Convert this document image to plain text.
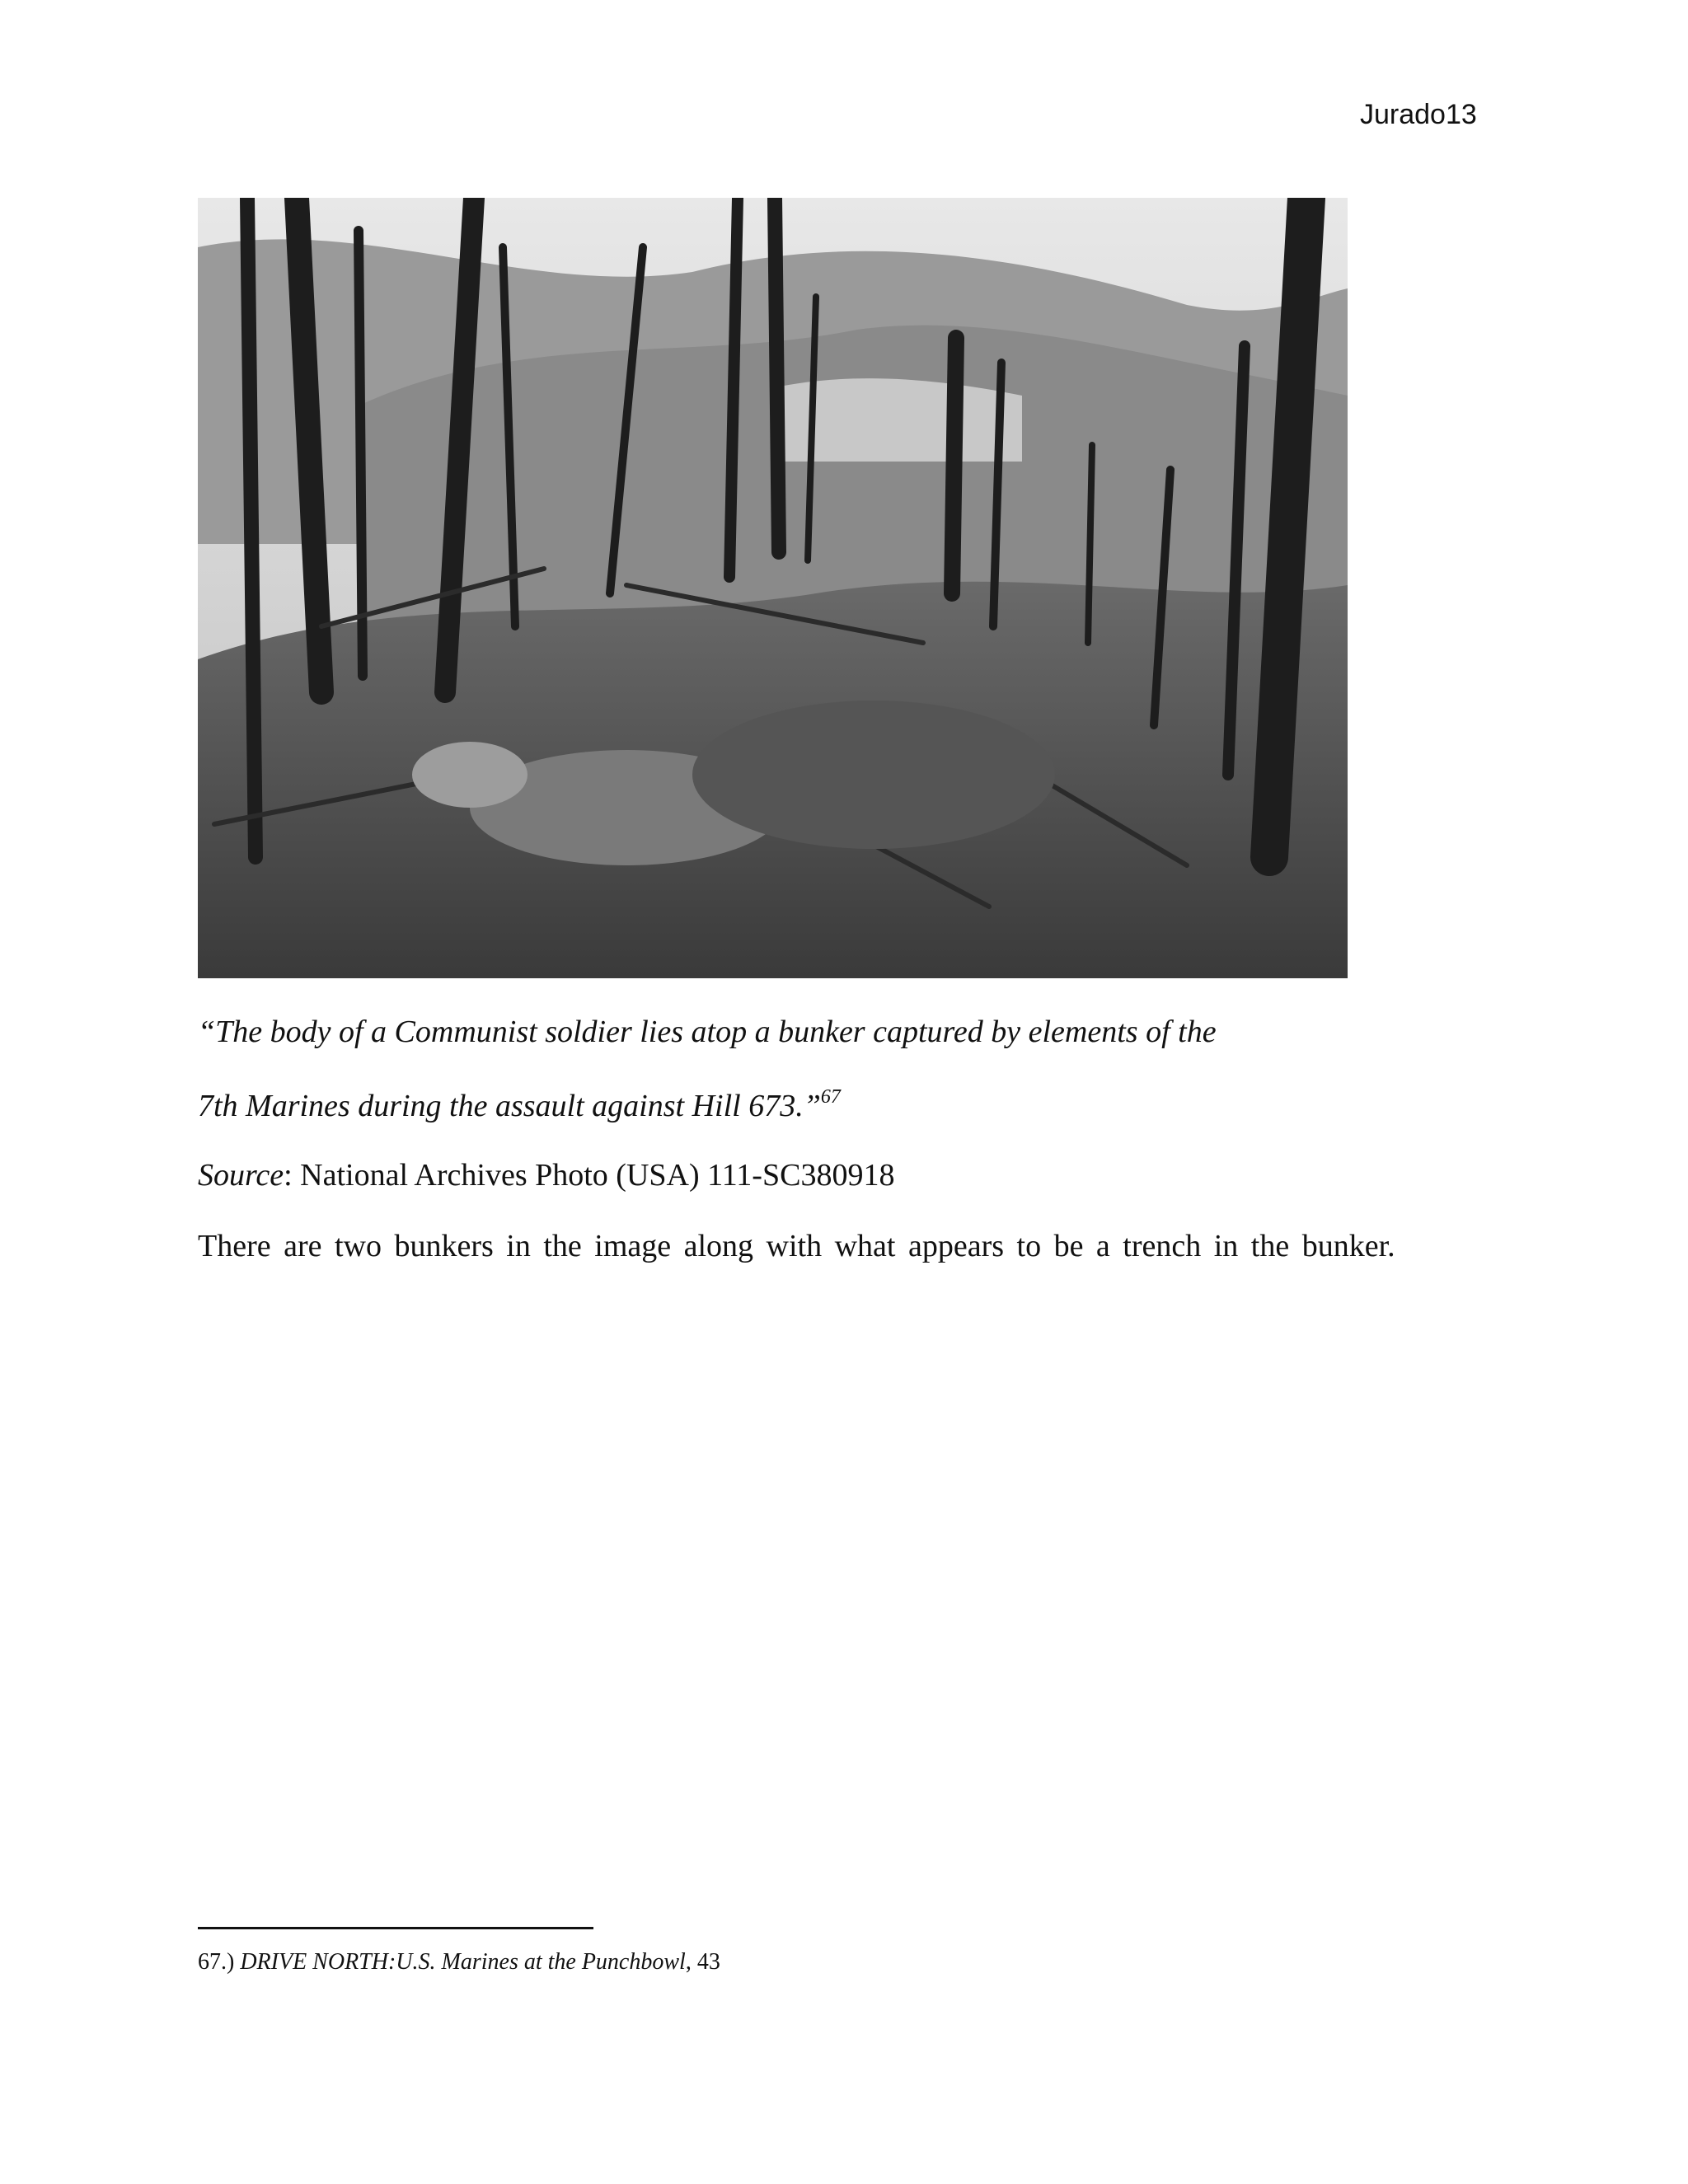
Jurado13
“The body of a Communist soldier lies atop a bunker captured by elements of the
7th Marines during the assault against Hill 673.”$^{67}$
Source: National Archives Photo (USA) 111-SC380918
There are two bunkers in the image along with what appears to be a trench in the bunker.
67.) DRIVE NORTH:U.S. Marines at the Punchbowl, 43
